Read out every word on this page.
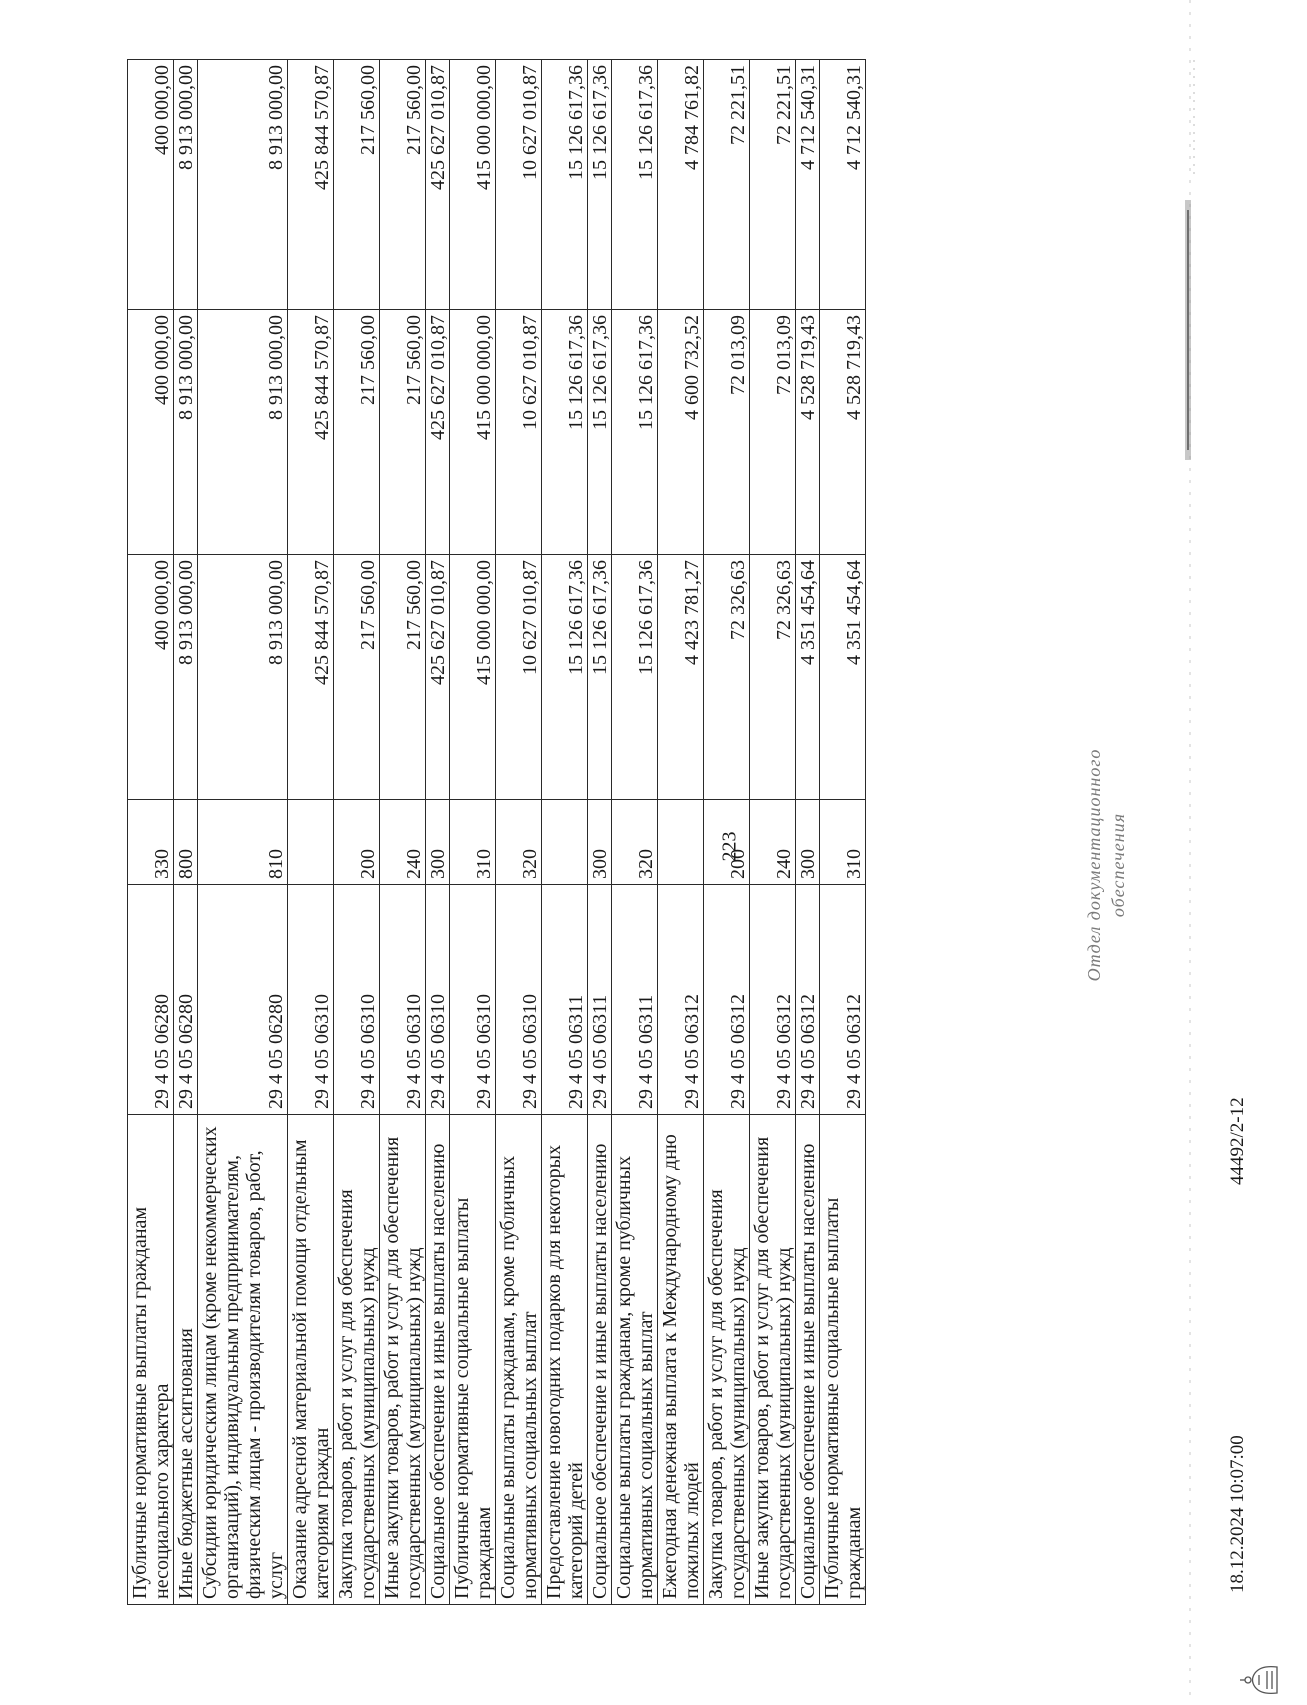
223
Публичные нормативные выплаты гражданам несоциального характера	29 4 05 06280	330	400 000,00	400 000,00	400 000,00
Иные бюджетные ассигнования	29 4 05 06280	800	8 913 000,00	8 913 000,00	8 913 000,00
Субсидии юридическим лицам (кроме некоммерческих организаций), индивидуальным предпринимателям, физическим лицам - производителям товаров, работ, услуг	29 4 05 06280	810	8 913 000,00	8 913 000,00	8 913 000,00
Оказание адресной материальной помощи отдельным категориям граждан	29 4 05 06310		425 844 570,87	425 844 570,87	425 844 570,87
Закупка товаров, работ и услуг для обеспечения государственных (муниципальных) нужд	29 4 05 06310	200	217 560,00	217 560,00	217 560,00
Иные закупки товаров, работ и услуг для обеспечения государственных (муниципальных) нужд	29 4 05 06310	240	217 560,00	217 560,00	217 560,00
Социальное обеспечение и иные выплаты населению	29 4 05 06310	300	425 627 010,87	425 627 010,87	425 627 010,87
Публичные нормативные социальные выплаты гражданам	29 4 05 06310	310	415 000 000,00	415 000 000,00	415 000 000,00
Социальные выплаты гражданам, кроме публичных нормативных социальных выплат	29 4 05 06310	320	10 627 010,87	10 627 010,87	10 627 010,87
Предоставление новогодних подарков для некоторых категорий детей	29 4 05 06311		15 126 617,36	15 126 617,36	15 126 617,36
Социальное обеспечение и иные выплаты населению	29 4 05 06311	300	15 126 617,36	15 126 617,36	15 126 617,36
Социальные выплаты гражданам, кроме публичных нормативных социальных выплат	29 4 05 06311	320	15 126 617,36	15 126 617,36	15 126 617,36
Ежегодная денежная выплата к Международному дню пожилых людей	29 4 05 06312		4 423 781,27	4 600 732,52	4 784 761,82
Закупка товаров, работ и услуг для обеспечения государственных (муниципальных) нужд	29 4 05 06312	200	72 326,63	72 013,09	72 221,51
Иные закупки товаров, работ и услуг для обеспечения государственных (муниципальных) нужд	29 4 05 06312	240	72 326,63	72 013,09	72 221,51
Социальное обеспечение и иные выплаты населению	29 4 05 06312	300	4 351 454,64	4 528 719,43	4 712 540,31
Публичные нормативные социальные выплаты гражданам	29 4 05 06312	310	4 351 454,64	4 528 719,43	4 712 540,31
18.12.2024 10:07:00
44492/2-12
Отдел документационного обеспечения
